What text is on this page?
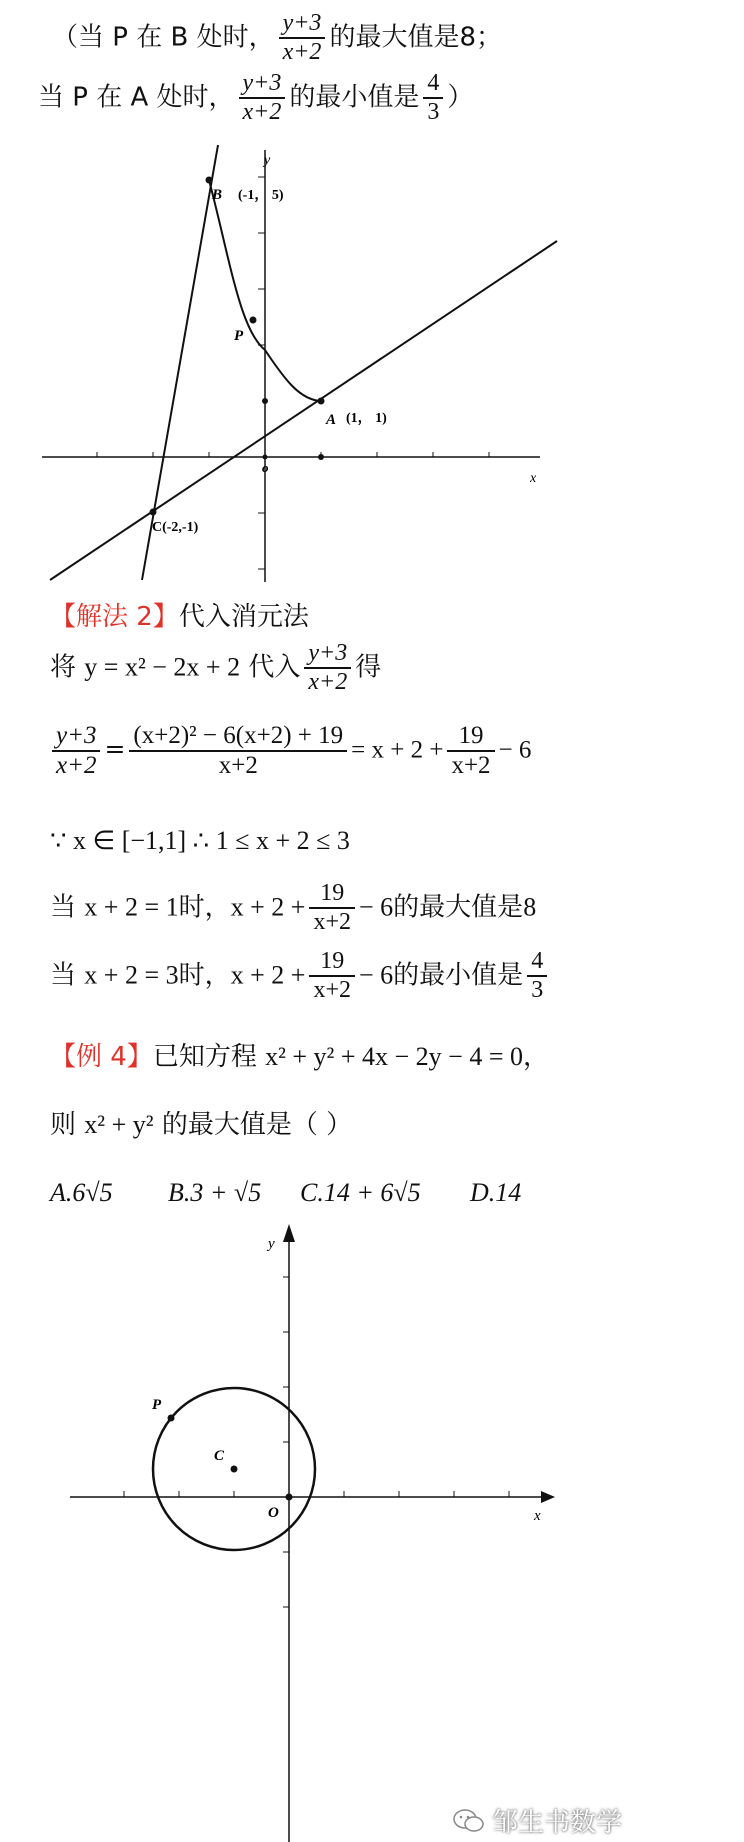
（当 P 在 B 处时， $\frac{y+3}{x+2}$ 的最大值是8；
当 P 在 A 处时， $\frac{y+3}{x+2}$ 的最小值是 $\frac{4}{3}$ ）
y
x
o
B (-1， 5)
P
A (1， 1)
C(-2,-1)
【解法 2】代入消元法
将 y = x² − 2x + 2 代入 $\frac{y+3}{x+2}$ 得
$\frac{y+3}{x+2} = \frac{\text{(x+2)² − 6(x+2) + 19}}{x+2} = x + 2 + \frac{19}{x+2} - 6$
∵ x ∈ [−1,1] ∴ 1 ≤ x + 2 ≤ 3
当 x + 2 = 1时，$x + 2 + \frac{19}{x+2} - 6$的最大值是8
当 x + 2 = 3时，$x + 2 + \frac{19}{x+2} - 6$的最小值是 $\frac{4}{3}$
【例 4】已知方程 x² + y² + 4x − 2y − 4 = 0，
则 x² + y² 的最大值是（ ）
A.6√5 B.3 + √5 C.14 + 6√5 D.14
y
x
O
P
C
邹生书数学
